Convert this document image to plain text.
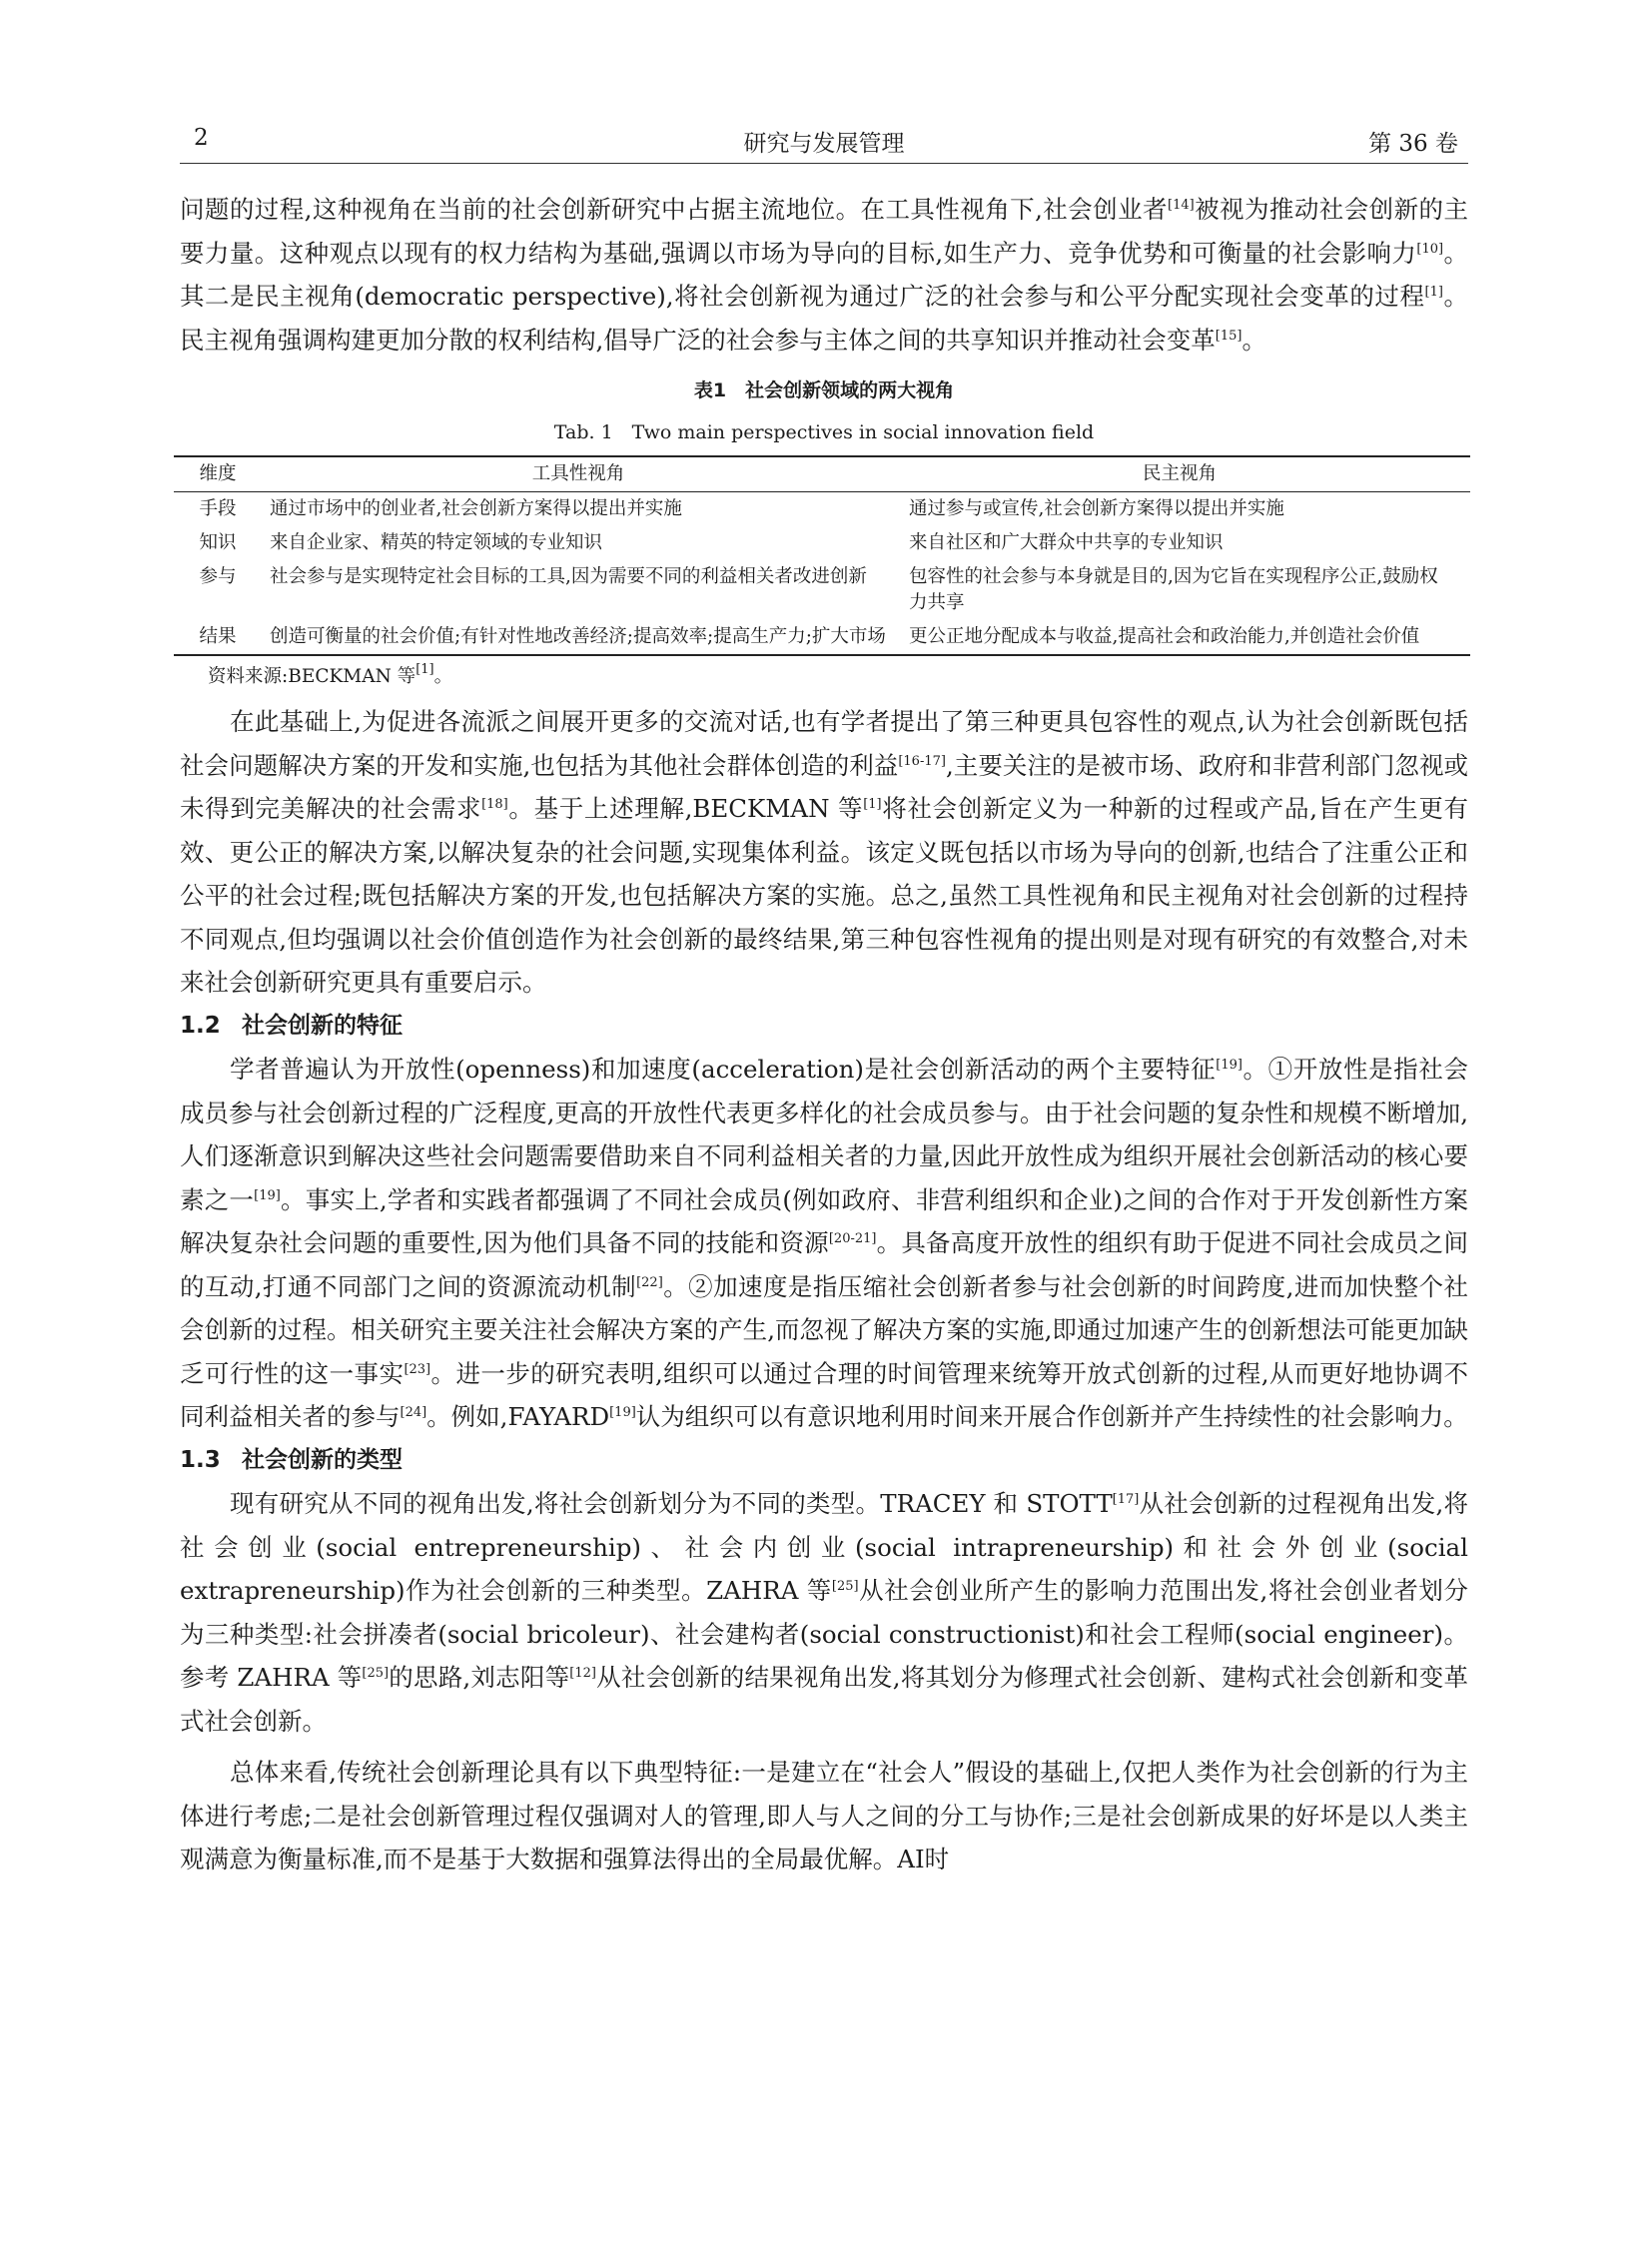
2	研究与发展管理	第 36 卷

问题的过程,这种视角在当前的社会创新研究中占据主流地位。在工具性视角下,社会创业者[14]被视为推动社会创新的主要力量。这种观点以现有的权力结构为基础,强调以市场为导向的目标,如生产力、竞争优势和可衡量的社会影响力[10]。其二是民主视角(democratic perspective),将社会创新视为通过广泛的社会参与和公平分配实现社会变革的过程[1]。民主视角强调构建更加分散的权利结构,倡导广泛的社会参与主体之间的共享知识并推动社会变革[15]。

表1　社会创新领域的两大视角
Tab. 1　Two main perspectives in social innovation field
维度	工具性视角	民主视角
手段	通过市场中的创业者,社会创新方案得以提出并实施	通过参与或宣传,社会创新方案得以提出并实施
知识	来自企业家、精英的特定领域的专业知识	来自社区和广大群众中共享的专业知识
参与	社会参与是实现特定社会目标的工具,因为需要不同的利益相关者改进创新	包容性的社会参与本身就是目的,因为它旨在实现程序公正,鼓励权力共享
结果	创造可衡量的社会价值;有针对性地改善经济;提高效率;提高生产力;扩大市场	更公正地分配成本与收益,提高社会和政治能力,并创造社会价值
资料来源:BECKMAN 等[1]。

在此基础上,为促进各流派之间展开更多的交流对话,也有学者提出了第三种更具包容性的观点,认为社会创新既包括社会问题解决方案的开发和实施,也包括为其他社会群体创造的利益[16-17],主要关注的是被市场、政府和非营利部门忽视或未得到完美解决的社会需求[18]。基于上述理解,BECKMAN 等[1]将社会创新定义为一种新的过程或产品,旨在产生更有效、更公正的解决方案,以解决复杂的社会问题,实现集体利益。该定义既包括以市场为导向的创新,也结合了注重公正和公平的社会过程;既包括解决方案的开发,也包括解决方案的实施。总之,虽然工具性视角和民主视角对社会创新的过程持不同观点,但均强调以社会价值创造作为社会创新的最终结果,第三种包容性视角的提出则是对现有研究的有效整合,对未来社会创新研究更具有重要启示。

1.2 社会创新的特征

学者普遍认为开放性(openness)和加速度(acceleration)是社会创新活动的两个主要特征[19]。①开放性是指社会成员参与社会创新过程的广泛程度,更高的开放性代表更多样化的社会成员参与。由于社会问题的复杂性和规模不断增加,人们逐渐意识到解决这些社会问题需要借助来自不同利益相关者的力量,因此开放性成为组织开展社会创新活动的核心要素之一[19]。事实上,学者和实践者都强调了不同社会成员(例如政府、非营利组织和企业)之间的合作对于开发创新性方案解决复杂社会问题的重要性,因为他们具备不同的技能和资源[20-21]。具备高度开放性的组织有助于促进不同社会成员之间的互动,打通不同部门之间的资源流动机制[22]。②加速度是指压缩社会创新者参与社会创新的时间跨度,进而加快整个社会创新的过程。相关研究主要关注社会解决方案的产生,而忽视了解决方案的实施,即通过加速产生的创新想法可能更加缺乏可行性的这一事实[23]。进一步的研究表明,组织可以通过合理的时间管理来统筹开放式创新的过程,从而更好地协调不同利益相关者的参与[24]。例如,FAYARD[19]认为组织可以有意识地利用时间来开展合作创新并产生持续性的社会影响力。

1.3 社会创新的类型

现有研究从不同的视角出发,将社会创新划分为不同的类型。TRACEY 和 STOTT[17]从社会创新的过程视角出发,将社会创业(social entrepreneurship)、社会内创业(social intrapreneurship)和社会外创业(social extrapreneurship)作为社会创新的三种类型。ZAHRA 等[25]从社会创业所产生的影响力范围出发,将社会创业者划分为三种类型:社会拼凑者(social bricoleur)、社会建构者(social constructionist)和社会工程师(social engineer)。参考 ZAHRA 等[25]的思路,刘志阳等[12]从社会创新的结果视角出发,将其划分为修理式社会创新、建构式社会创新和变革式社会创新。

总体来看,传统社会创新理论具有以下典型特征:一是建立在“社会人”假设的基础上,仅把人类作为社会创新的行为主体进行考虑;二是社会创新管理过程仅强调对人的管理,即人与人之间的分工与协作;三是社会创新成果的好坏是以人类主观满意为衡量标准,而不是基于大数据和强算法得出的全局最优解。AI时
